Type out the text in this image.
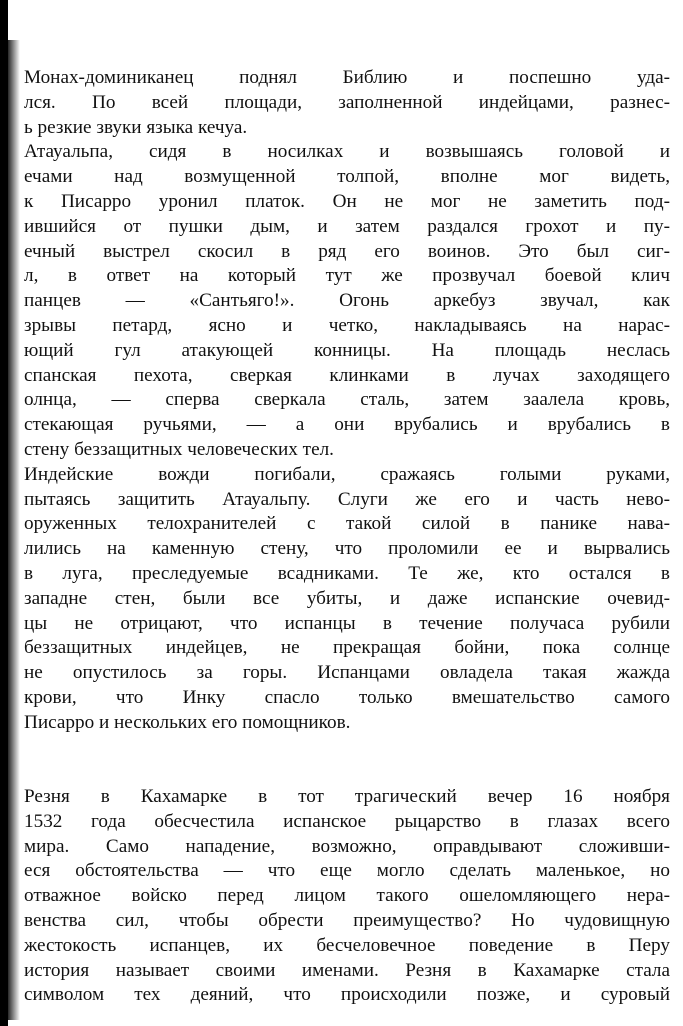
Монах-доминиканец поднял Библию и поспешно уда-

лся. По всей площади, заполненной индейцами, разнес-

ь резкие звуки языка кечуа.

Атауальпа, сидя в носилках и возвышаясь головой и

ечами над возмущенной толпой, вполне мог видеть,

к Писарро уронил платок. Он не мог не заметить под-

ившийся от пушки дым, и затем раздался грохот и пу-

ечный выстрел скосил в ряд его воинов. Это был сиг-

л, в ответ на который тут же прозвучал боевой клич

панцев — «Сантьяго!». Огонь аркебуз звучал, как

зрывы петард, ясно и четко, накладываясь на нарас-

ющий гул атакующей конницы. На площадь неслась

спанская пехота, сверкая клинками в лучах заходящего

олнца, — сперва сверкала сталь, затем заалела кровь,

стекающая ручьями, — а они врубались и врубались в

стену беззащитных человеческих тел.

Индейские вожди погибали, сражаясь голыми руками,

пытаясь защитить Атауальпу. Слуги же его и часть нево-

оруженных телохранителей с такой силой в панике нава-

лились на каменную стену, что проломили ее и вырвались

в луга, преследуемые всадниками. Те же, кто остался в

западне стен, были все убиты, и даже испанские очевид-

цы не отрицают, что испанцы в течение получаса рубили

беззащитных индейцев, не прекращая бойни, пока солнце

не опустилось за горы. Испанцами овладела такая жажда

крови, что Инку спасло только вмешательство самого

Писарро и нескольких его помощников.

Резня в Кахамарке в тот трагический вечер 16 ноября

1532 года обесчестила испанское рыцарство в глазах всего

мира. Само нападение, возможно, оправдывают сложивши-

еся обстоятельства — что еще могло сделать маленькое, но

отважное войско перед лицом такого ошеломляющего нера-

венства сил, чтобы обрести преимущество? Но чудовищную

жестокость испанцев, их бесчеловечное поведение в Перу

история называет своими именами. Резня в Кахамарке стала

символом тех деяний, что происходили позже, и суровый
